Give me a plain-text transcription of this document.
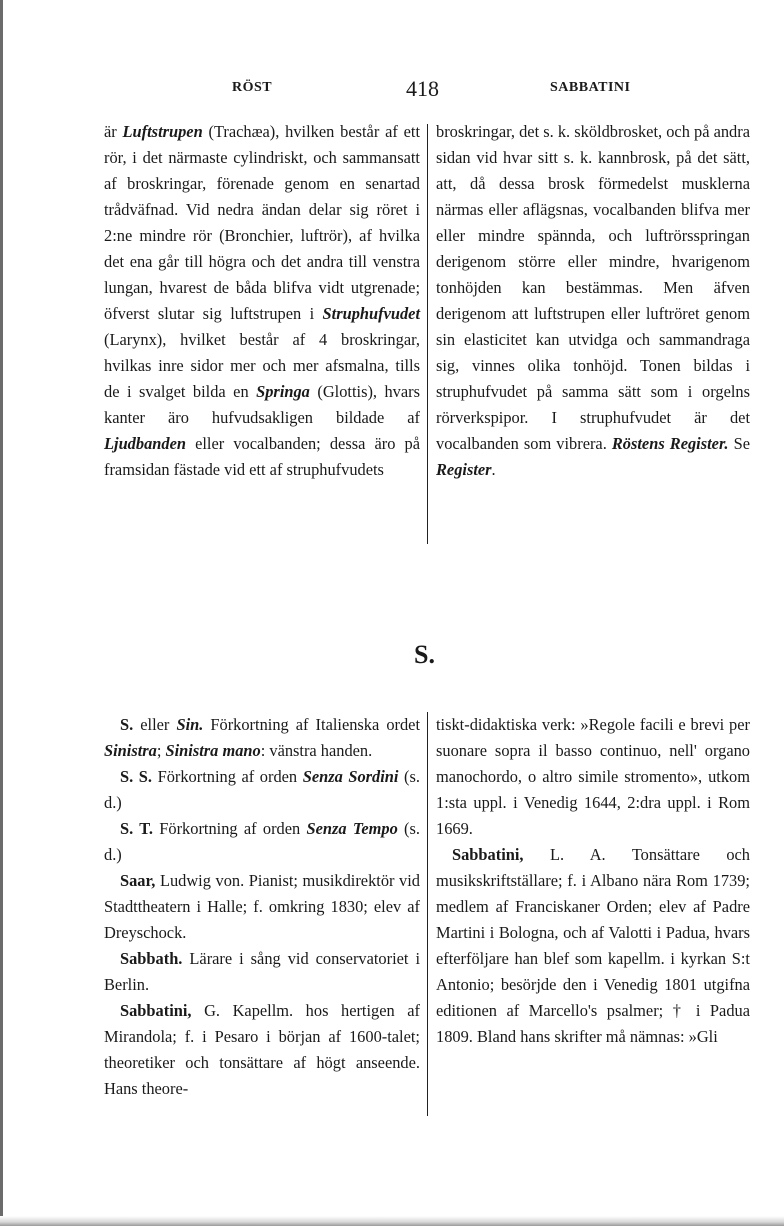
RÖST	418	SABBATINI

är Luftstrupen (Trachæa), hvilken består af ett rör, i det närmaste cylindriskt, och sammansatt af broskringar, förenade genom en senartad trådväfnad. Vid nedra ändan delar sig röret i 2:ne mindre rör (Bronchier, luftrör), af hvilka det ena går till högra och det andra till venstra lungan, hvarest de båda blifva vidt utgrenade; öfverst slutar sig luftstrupen i Struphufvudet (Larynx), hvilket består af 4 broskringar, hvilkas inre sidor mer och mer afsmalna, tills de i svalget bilda en Springa (Glottis), hvars kanter äro hufvudsakligen bildade af Ljudbanden eller vocalbanden; dessa äro på framsidan fästade vid ett af struphufvudets

broskringar, det s. k. sköldbrosket, och på andra sidan vid hvar sitt s. k. kannbrosk, på det sätt, att, då dessa brosk förmedelst musklerna närmas eller aflägsnas, vocalbanden blifva mer eller mindre spännda, och luftrörsspringan derigenom större eller mindre, hvarigenom tonhöjden kan bestämmas. Men äfven derigenom att luftstrupen eller luftröret genom sin elasticitet kan utvidga och sammandraga sig, vinnes olika tonhöjd. Tonen bildas i struphufvudet på samma sätt som i orgelns rörverkspipor. I struphufvudet är det vocalbanden som vibrera. Röstens Register. Se Register.

S.

S. eller Sin. Förkortning af Italienska ordet Sinistra; Sinistra mano: vänstra handen.

S. S. Förkortning af orden Senza Sordini (s. d.)

S. T. Förkortning af orden Senza Tempo (s. d.)

Saar, Ludwig von. Pianist; musikdirektör vid Stadttheatern i Halle; f. omkring 1830; elev af Dreyschock.

Sabbath. Lärare i sång vid conservatoriet i Berlin.

Sabbatini, G. Kapellm. hos hertigen af Mirandola; f. i Pesaro i början af 1600-talet; theoretiker och tonsättare af högt anseende. Hans theore-

tiskt-didaktiska verk: »Regole facili e brevi per suonare sopra il basso continuo, nell' organo manochordo, o altro simile stromento», utkom 1:sta uppl. i Venedig 1644, 2:dra uppl. i Rom 1669.

Sabbatini, L. A. Tonsättare och musikskriftställare; f. i Albano nära Rom 1739; medlem af Franciskaner Orden; elev af Padre Martini i Bologna, och af Valotti i Padua, hvars efterföljare han blef som kapellm. i kyrkan S:t Antonio; besörjde den i Venedig 1801 utgifna editionen af Marcello's psalmer; † i Padua 1809. Bland hans skrifter må nämnas: »Gli
